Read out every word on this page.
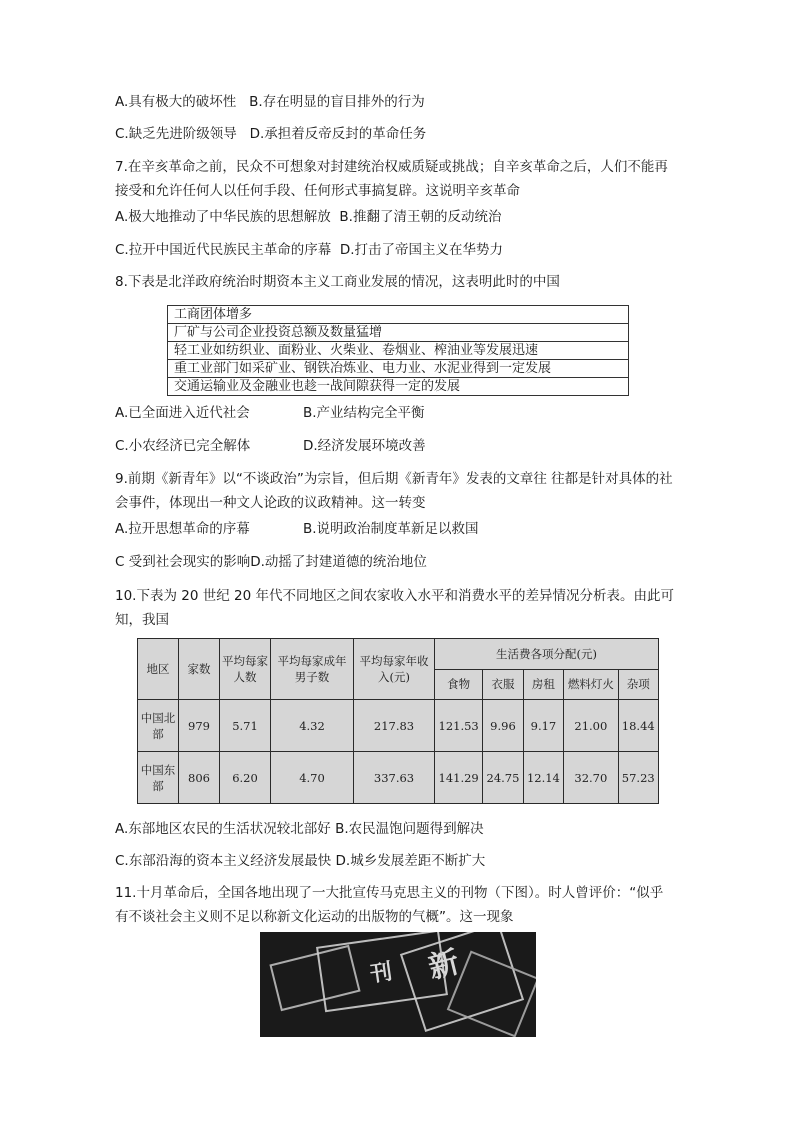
A.具有极大的破坏性 B.存在明显的盲目排外的行为
C.缺乏先进阶级领导 D.承担着反帝反封的革命任务
7.在辛亥革命之前，民众不可想象对封建统治权威质疑或挑战；自辛亥革命之后，人们不能再接受和允许任何人以任何手段、任何形式事搞复辟。这说明辛亥革命
A.极大地推动了中华民族的思想解放 B.推翻了清王朝的反动统治
C.拉开中国近代民族民主革命的序幕 D.打击了帝国主义在华势力
8.下表是北洋政府统治时期资本主义工商业发展的情况，这表明此时的中国
工商团体增多
厂矿与公司企业投资总额及数量猛增
轻工业如纺织业、面粉业、火柴业、卷烟业、榨油业等发展迅速
重工业部门如采矿业、钢铁冶炼业、电力业、水泥业得到一定发展
交通运输业及金融业也趁一战间隙获得一定的发展
A.已全面进入近代社会	B.产业结构完全平衡
C.小农经济已完全解体	D.经济发展环境改善
9.前期《新青年》以“不谈政治”为宗旨，但后期《新青年》发表的文章往 往都是针对具体的社会事件，体现出一种文人论政的议政精神。这一转变
A.拉开思想革命的序幕	B.说明政治制度革新足以救国
C 受到社会现实的影响D.动摇了封建道德的统治地位
10.下表为 20 世纪 20 年代不同地区之间农家收入水平和消费水平的差异情况分析表。由此可知，我国
地区	家数	平均每家人数	平均每家成年男子数	平均每家年收入(元)	生活费各项分配(元)				
					食物	衣服	房租	燃料灯火	杂项
中国北部	979	5.71	4.32	217.83	121.53	9.96	9.17	21.00	18.44
中国东部	806	6.20	4.70	337.63	141.29	24.75	12.14	32.70	57.23
A.东部地区农民的生活状况较北部好 B.农民温饱问题得到解决
C.东部沿海的资本主义经济发展最快 D.城乡发展差距不断扩大
11.十月革命后，全国各地出现了一大批宣传马克思主义的刊物（下图）。时人曾评价：“似乎有不谈社会主义则不足以称新文化运动的出版物的气概”。这一现象
新
刊
